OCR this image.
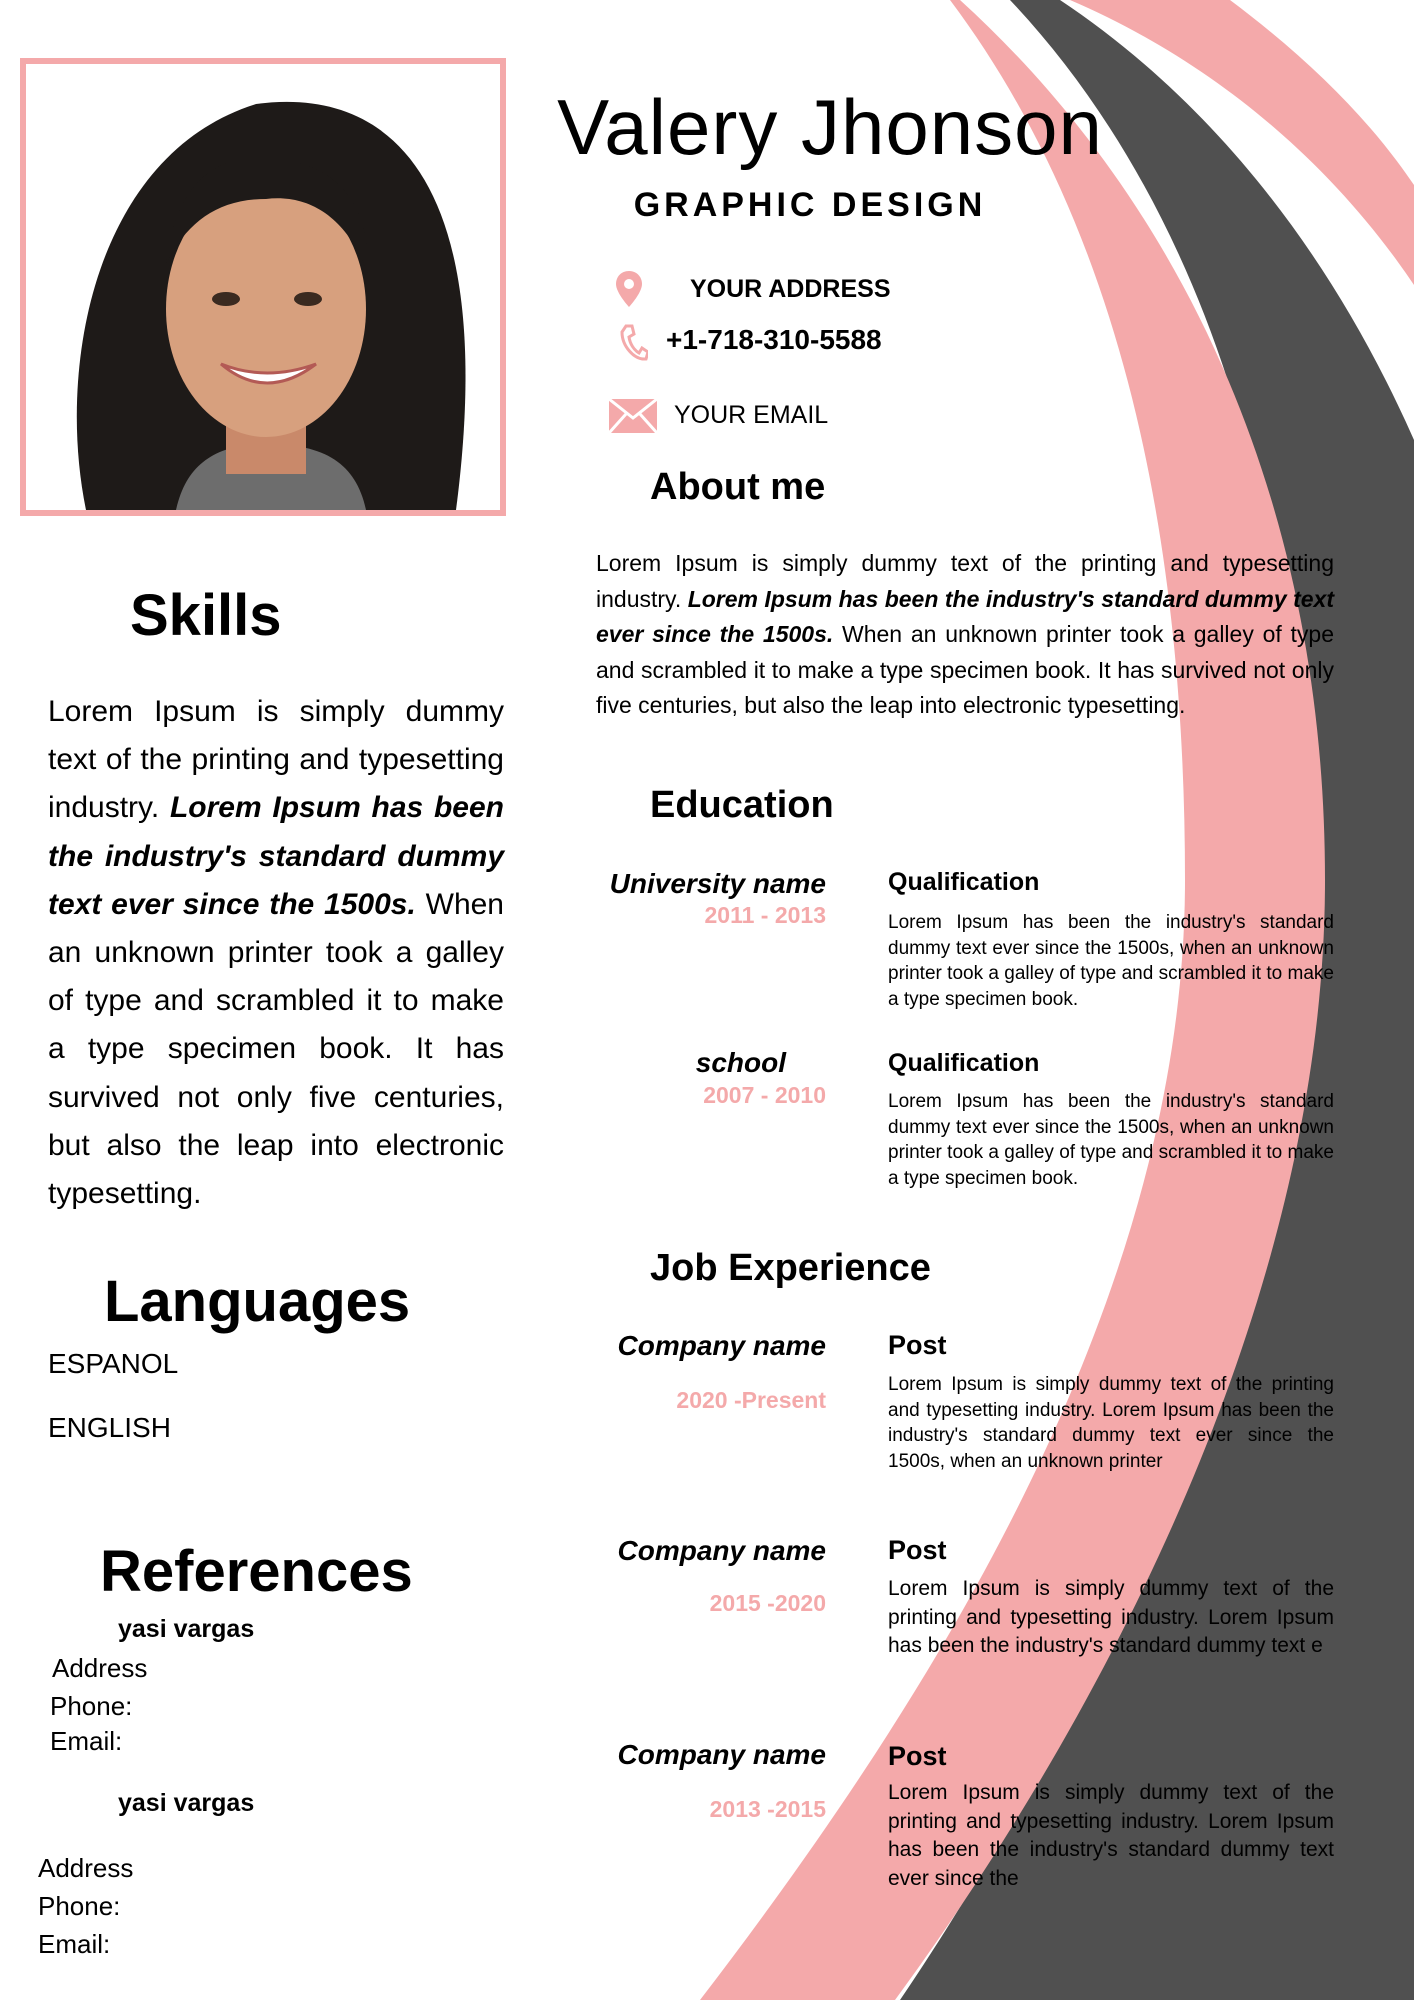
Valery Jhonson
GRAPHIC DESIGN
YOUR ADDRESS
+1-718-310-5588
YOUR EMAIL
About me
Lorem Ipsum is simply dummy text of the printing and typesetting industry. Lorem Ipsum has been the industry's standard dummy text ever since the 1500s. When an unknown printer took a galley of type and scrambled it to make a type specimen book. It has survived not only five centuries, but also the leap into electronic typesetting.
Skills
Lorem Ipsum is simply dummy text of the printing and typesetting industry. Lorem Ipsum has been the industry's standard dummy text ever since the 1500s. When an unknown printer took a galley of type and scrambled it to make a type specimen book. It has survived not only five centuries, but also the leap into electronic typesetting.
Languages
ESPANOL
ENGLISH
References
yasi vargas
Address
Phone:
Email:
yasi vargas
Address
Phone:
Email:
Education
University name
2011 - 2013
Qualification
Lorem Ipsum has been the industry's standard dummy text ever since the 1500s, when an unknown printer took a galley of type and scrambled it to make a type specimen book.
school
2007 - 2010
Qualification
Lorem Ipsum has been the industry's standard dummy text ever since the 1500s, when an unknown printer took a galley of type and scrambled it to make a type specimen book.
Job Experience
Company name
2020 -Present
Post
Lorem Ipsum is simply dummy text of the printing and typesetting industry. Lorem Ipsum has been the industry's standard dummy text ever since the 1500s, when an unknown printer
Company name
2015 -2020
Post
Lorem Ipsum is simply dummy text of the printing and typesetting industry. Lorem Ipsum has been the industry's standard dummy text e
Company name
2013 -2015
Post
Lorem Ipsum is simply dummy text of the printing and typesetting industry. Lorem Ipsum has been the industry's standard dummy text ever since the
